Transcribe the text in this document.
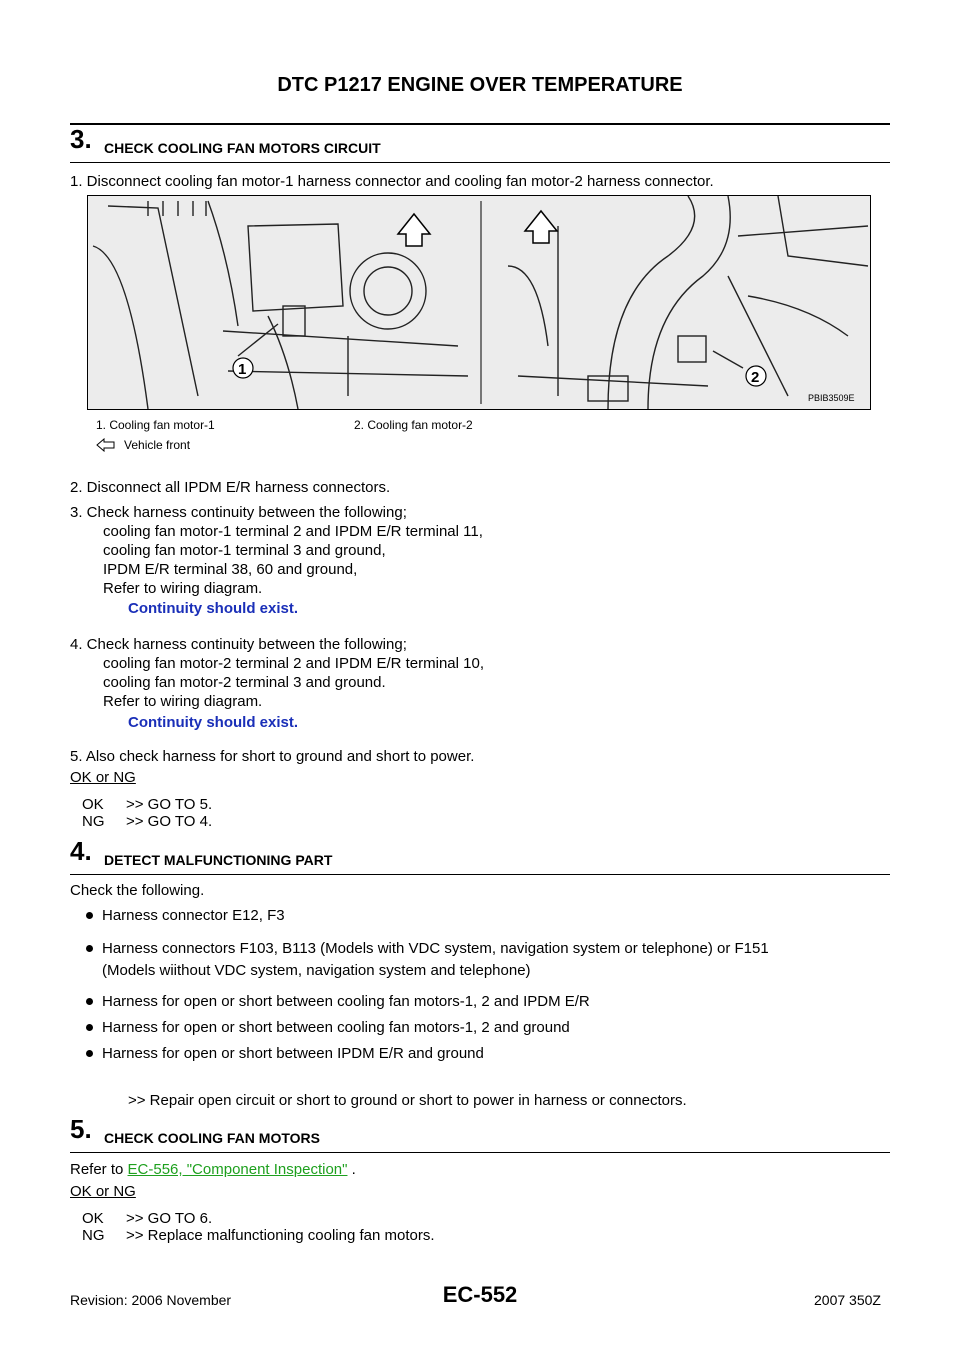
DTC P1217 ENGINE OVER TEMPERATURE
3. CHECK COOLING FAN MOTORS CIRCUIT
1. Disconnect cooling fan motor-1 harness connector and cooling fan motor-2 harness connector.
1	2
PBIB3509E
1. Cooling fan motor-1	2. Cooling fan motor-2
Vehicle front
2. Disconnect all IPDM E/R harness connectors.
3. Check harness continuity between the following;
cooling fan motor-1 terminal 2 and IPDM E/R terminal 11,
cooling fan motor-1 terminal 3 and ground,
IPDM E/R terminal 38, 60 and ground,
Refer to wiring diagram.
Continuity should exist.
4. Check harness continuity between the following;
cooling fan motor-2 terminal 2 and IPDM E/R terminal 10,
cooling fan motor-2 terminal 3 and ground.
Refer to wiring diagram.
Continuity should exist.
5. Also check harness for short to ground and short to power.
OK or NG
OK >> GO TO 5.
NG >> GO TO 4.
4. DETECT MALFUNCTIONING PART
Check the following.
Harness connector E12, F3
Harness connectors F103, B113 (Models with VDC system, navigation system or telephone) or F151
(Models wiithout VDC system, navigation system and telephone)
Harness for open or short between cooling fan motors-1, 2 and IPDM E/R
Harness for open or short between cooling fan motors-1, 2 and ground
Harness for open or short between IPDM E/R and ground
>> Repair open circuit or short to ground or short to power in harness or connectors.
5. CHECK COOLING FAN MOTORS
Refer to EC-556, "Component Inspection" .
OK or NG
OK >> GO TO 6.
NG >> Replace malfunctioning cooling fan motors.
Revision: 2006 November	EC-552	2007 350Z
